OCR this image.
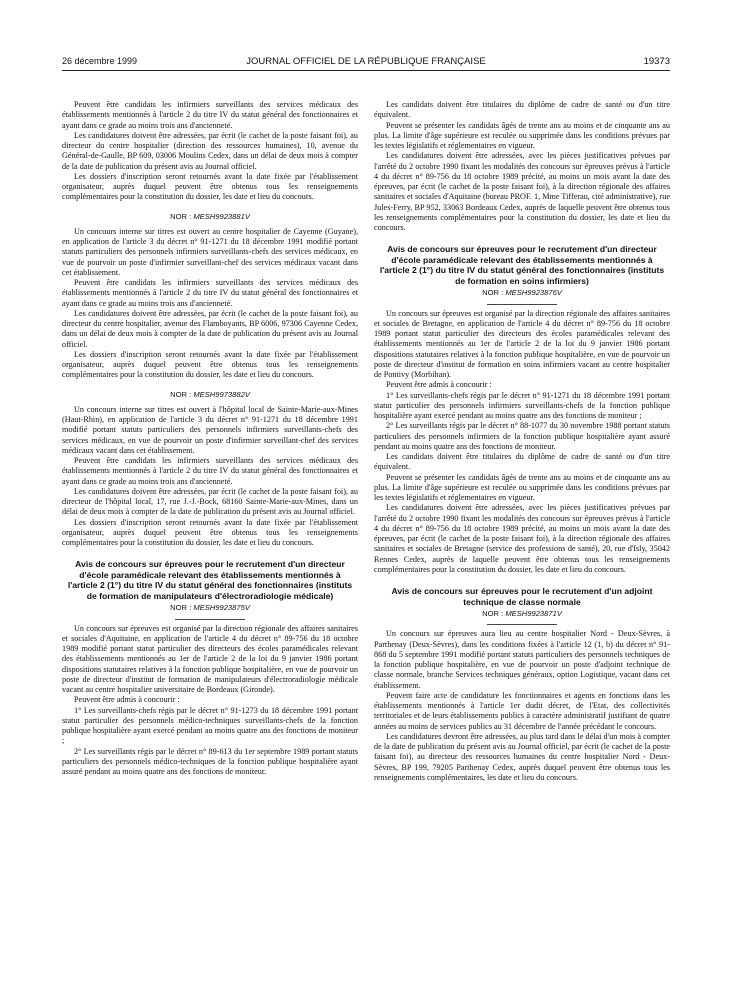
26 décembre 1999	JOURNAL OFFICIEL DE LA RÉPUBLIQUE FRANÇAISE	19373

Peuvent être candidats les infirmiers surveillants des services médicaux des établissements mentionnés à l'article 2 du titre IV du statut général des fonctionnaires et ayant dans ce grade au moins trois ans d'ancienneté.

Les candidatures doivent être adressées, par écrit (le cachet de la poste faisant foi), au directeur du centre hospitalier (direction des ressources humaines), 10, avenue du Général-de-Gaulle, BP 609, 03006 Moulins Cedex, dans un délai de deux mois à compter de la date de publication du présent avis au Journal officiel.

Les dossiers d'inscription seront retournés avant la date fixée par l'établissement organisateur, auprès duquel peuvent être obtenus tous les renseignements complémentaires pour la constitution du dossier, les date et lieu du concours.

NOR : MESH9923881V

Un concours interne sur titres est ouvert au centre hospitalier de Cayenne (Guyane), en application de l'article 3 du décret n° 91-1271 du 18 décembre 1991 modifié portant statuts particuliers des personnels infirmiers surveillants-chefs des services médicaux, en vue de pourvoir un poste d'infirmier surveillant-chef des services médicaux vacant dans cet établissement.

Peuvent être candidats les infirmiers surveillants des services médicaux des établissements mentionnés à l'article 2 du titre IV du statut général des fonctionnaires et ayant dans ce grade au moins trois ans d'ancienneté.

Les candidatures doivent être adressées, par écrit (le cachet de la poste faisant foi), au directeur du centre hospitalier, avenue des Flamboyants, BP 6006, 97306 Cayenne Cedex, dans un délai de deux mois à compter de la date de publication du présent avis au Journal officiel.

Les dossiers d'inscription seront retournés avant la date fixée par l'établissement organisateur, auprès duquel peuvent être obtenus tous les renseignements complémentaires pour la constitution du dossier, les date et lieu du concours.

NOR : MESH9973882V

Un concours interne sur titres est ouvert à l'hôpital local de Sainte-Marie-aux-Mines (Haut-Rhin), en application de l'article 3 du décret n° 91-1271 du 18 décembre 1991 modifié portant statuts particuliers des personnels infirmiers surveillants-chefs des services médicaux, en vue de pourvoir un poste d'infirmier surveillant-chef des services médicaux vacant dans cet établissement.

Peuvent être candidats les infirmiers surveillants des services médicaux des établissements mentionnés à l'article 2 du titre IV du statut général des fonctionnaires et ayant dans ce grade au moins trois ans d'ancienneté.

Les candidatures doivent être adressées, par écrit (le cachet de la poste faisant foi), au directeur de l'hôpital local, 17, rue J.-J.-Bock, 68160 Sainte-Marie-aux-Mines, dans un délai de deux mois à compter de la date de publication du présent avis au Journal officiel.

Les dossiers d'inscription seront retournés avant la date fixée par l'établissement organisateur, auprès duquel peuvent être obtenus tous les renseignements complémentaires pour la constitution du dossier, les date et lieu du concours.

Avis de concours sur épreuves pour le recrutement d'un directeur d'école paramédicale relevant des établissements mentionnés à l'article 2 (1°) du titre IV du statut général des fonctionnaires (instituts de formation de manipulateurs d'électroradiologie médicale)
NOR : MESH9923875V

Un concours sur épreuves est organisé par la direction régionale des affaires sanitaires et sociales d'Aquitaine, en application de l'article 4 du décret n° 89-756 du 18 octobre 1989 modifié portant statut particulier des directeurs des écoles paramédicales relevant des établissements mentionnés au 1er de l'article 2 de la loi du 9 janvier 1986 portant dispositions statutaires relatives à la fonction publique hospitalière, en vue de pourvoir un poste de directeur d'institut de formation de manipulateurs d'électroradiologie médicale vacant au centre hospitalier universitaire de Bordeaux (Gironde).

Peuvent être admis à concourir :

1° Les surveillants-chefs régis par le décret n° 91-1273 du 18 décembre 1991 portant statut particulier des personnels médico-techniques surveillants-chefs de la fonction publique hospitalière ayant exercé pendant au moins quatre ans des fonctions de moniteur ;

2° Les surveillants régis par le décret n° 89-613 du 1er septembre 1989 portant statuts particuliers des personnels médico-techniques de la fonction publique hospitalière ayant assuré pendant au moins quatre ans des fonctions de moniteur.

Les candidats doivent être titulaires du diplôme de cadre de santé ou d'un titre équivalent.

Peuvent se présenter les candidats âgés de trente ans au moins et de cinquante ans au plus. La limite d'âge supérieure est reculée ou supprimée dans les conditions prévues par les textes législatifs et réglementaires en vigueur.

Les candidatures doivent être adressées, avec les pièces justificatives prévues par l'arrêté du 2 octobre 1990 fixant les modalités des concours sur épreuves prévus à l'article 4 du décret n° 89-756 du 18 octobre 1989 précité, au moins un mois avant la date des épreuves, par écrit (le cachet de la poste faisant foi), à la direction régionale des affaires sanitaires et sociales d'Aquitaine (bureau PROF. 1, Mme Tifferau, cité administrative), rue Jules-Ferry, BP 952, 33063 Bordeaux Cedex, auprès de laquelle peuvent être obtenus tous les renseignements complémentaires pour la constitution du dossier, les date et lieu du concours.

Avis de concours sur épreuves pour le recrutement d'un directeur d'école paramédicale relevant des établissements mentionnés à l'article 2 (1°) du titre IV du statut général des fonctionnaires (instituts de formation en soins infirmiers)
NOR : MESH9923876V

Un concours sur épreuves est organisé par la direction régionale des affaires sanitaires et sociales de Bretagne, en application de l'article 4 du décret n° 89-756 du 18 octobre 1989 portant statut particulier des directeurs des écoles paramédicales relevant des établissements mentionnés au 1er de l'article 2 de la loi du 9 janvier 1986 portant dispositions statutaires relatives à la fonction publique hospitalière, en vue de pourvoir un poste de directeur d'institut de formation en soins infirmiers vacant au centre hospitalier de Pontivy (Morbihan).

Peuvent être admis à concourir :

1° Les surveillants-chefs régis par le décret n° 91-1271 du 18 décembre 1991 portant statut particulier des personnels infirmiers surveillants-chefs de la fonction publique hospitalière ayant exercé pendant au moins quatre ans des fonctions de moniteur ;

2° Les surveillants régis par le décret n° 88-1077 du 30 novembre 1988 portant statuts particuliers des personnels infirmiers de la fonction publique hospitalière ayant assuré pendant au moins quatre ans des fonctions de moniteur.

Les candidats doivent être titulaires du diplôme de cadre de santé ou d'un titre équivalent.

Peuvent se présenter les candidats âgés de trente ans au moins et de cinquante ans au plus. La limite d'âge supérieure est reculée ou supprimée dans les conditions prévues par les textes législatifs et réglementaires en vigueur.

Les candidatures doivent être adressées, avec les pièces justificatives prévues par l'arrêté du 2 octobre 1990 fixant les modalités des concours sur épreuves prévus à l'article 4 du décret n° 89-756 du 18 octobre 1989 précité, au moins un mois avant la date des épreuves, par écrit (le cachet de la poste faisant foi), à la direction régionale des affaires sanitaires et sociales de Bretagne (service des professions de santé), 20, rue d'Isly, 35042 Rennes Cedex, auprès de laquelle peuvent être obtenus tous les renseignements complémentaires pour la constitution du dossier, les date et lieu du concours.

Avis de concours sur épreuves pour le recrutement d'un adjoint technique de classe normale
NOR : MESH9923871V

Un concours sur épreuves aura lieu au centre hospitalier Nord - Deux-Sèvres, à Parthenay (Deux-Sèvres), dans les conditions fixées à l'article 12 (1, b) du décret n° 91-868 du 5 septembre 1991 modifié portant statuts particuliers des personnels techniques de la fonction publique hospitalière, en vue de pourvoir un poste d'adjoint technique de classe normale, branche Services techniques généraux, option Logistique, vacant dans cet établissement.

Peuvent faire acte de candidature les fonctionnaires et agents en fonctions dans les établissements mentionnés à l'article 1er dudit décret, de l'Etat, des collectivités territoriales et de leurs établissements publics à caractère administratif justifiant de quatre années au moins de services publics au 31 décembre de l'année précédant le concours.

Les candidatures devront être adressées, au plus tard dans le délai d'un mois à compter de la date de publication du présent avis au Journal officiel, par écrit (le cachet de la poste faisant foi), au directeur des ressources humaines du centre hospitalier Nord - Deux-Sèvres, BP 199, 79205 Parthenay Cedex, auprès duquel peuvent être obtenus tous les renseignements complémentaires, les date et lieu du concours.
